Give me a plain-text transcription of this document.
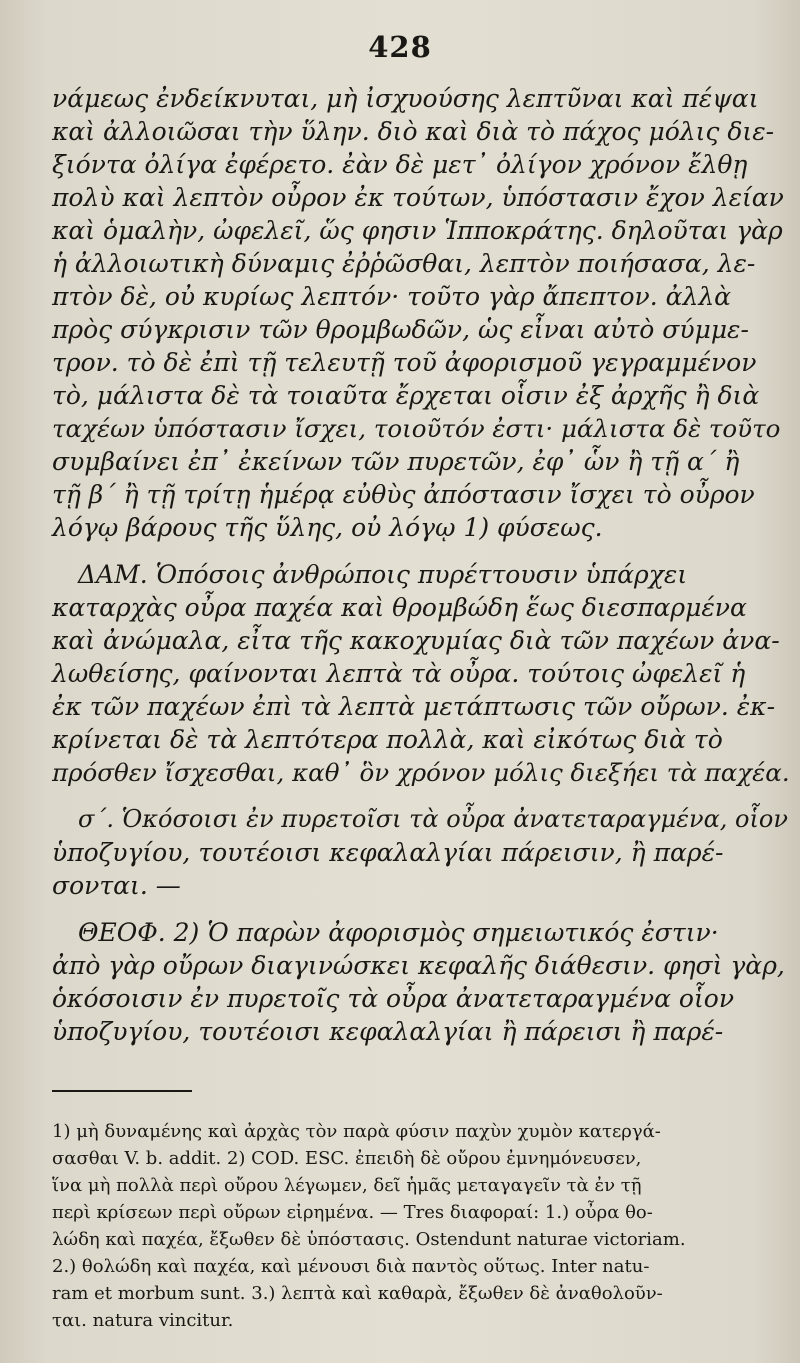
428
νάμεως ἐνδείκνυται, μὴ ἰσχυούσης λεπτῦναι καὶ πέψαι
καὶ ἀλλοιῶσαι τὴν ὕλην. διὸ καὶ διὰ τὸ πάχος μόλις διε-
ξιόντα ὀλίγα ἐφέρετο. ἐὰν δὲ μετ᾽ ὀλίγον χρόνον ἔλθῃ
πολὺ καὶ λεπτὸν οὖρον ἐκ τούτων, ὑπόστασιν ἔχον λείαν
καὶ ὁμαλὴν, ὠφελεῖ, ὥς φησιν Ἱπποκράτης. δηλοῦται γὰρ
ἡ ἀλλοιωτικὴ δύναμις ἐῤῥῶσθαι, λεπτὸν ποιήσασα, λε-
πτὸν δὲ, οὐ κυρίως λεπτόν· τοῦτο γὰρ ἄπεπτον. ἀλλὰ
πρὸς σύγκρισιν τῶν θρομβωδῶν, ὡς εἶναι αὐτὸ σύμμε-
τρον. τὸ δὲ ἐπὶ τῇ τελευτῇ τοῦ ἀφορισμοῦ γεγραμμένον
τὸ, μάλιστα δὲ τὰ τοιαῦτα ἔρχεται οἷσιν ἐξ ἀρχῆς ἢ διὰ
ταχέων ὑπόστασιν ἴσχει, τοιοῦτόν ἐστι· μάλιστα δὲ τοῦτο
συμβαίνει ἐπ᾽ ἐκείνων τῶν πυρετῶν, ἐφ᾽ ὧν ἢ τῇ α´ ἢ
τῇ β´ ἢ τῇ τρίτῃ ἡμέρᾳ εὐθὺς ἀπόστασιν ἴσχει τὸ οὖρον
λόγῳ βάρους τῆς ὕλης, οὐ λόγῳ 1) φύσεως.
ΔΑΜ. Ὁπόσοις ἀνθρώποις πυρέττουσιν ὑπάρχει
καταρχὰς οὖρα παχέα καὶ θρομβώδη ἕως διεσπαρμένα
καὶ ἀνώμαλα, εἶτα τῆς κακοχυμίας διὰ τῶν παχέων ἀνα-
λωθείσης, φαίνονται λεπτὰ τὰ οὖρα. τούτοις ὠφελεῖ ἡ
ἐκ τῶν παχέων ἐπὶ τὰ λεπτὰ μετάπτωσις τῶν οὔρων. ἐκ-
κρίνεται δὲ τὰ λεπτότερα πολλὰ, καὶ εἰκότως διὰ τὸ
πρόσθεν ἴσχεσθαι, καθ᾽ ὃν χρόνον μόλις διεξήει τὰ παχέα.
σ´. Ὁκόσοισι ἐν πυρετοῖσι τὰ οὖρα ἀνατεταραγμένα, οἷον
ὑποζυγίου, τουτέοισι κεφαλαλγίαι πάρεισιν, ἢ παρέ-
σονται. —
ΘΕΟΦ. 2) Ὁ παρὼν ἀφορισμὸς σημειωτικός ἐστιν·
ἀπὸ γὰρ οὔρων διαγινώσκει κεφαλῆς διάθεσιν. φησὶ γὰρ,
ὁκόσοισιν ἐν πυρετοῖς τὰ οὖρα ἀνατεταραγμένα οἷον
ὑποζυγίου, τουτέοισι κεφαλαλγίαι ἢ πάρεισι ἢ παρέ-
1) μὴ δυναμένης καὶ ἀρχὰς τὸν παρὰ φύσιν παχὺν χυμὸν κατεργά-
σασθαι V. b. addit. 2) COD. ESC. ἐπειδὴ δὲ οὔρου ἐμνημόνευσεν,
ἵνα μὴ πολλὰ περὶ οὔρου λέγωμεν, δεῖ ἡμᾶς μεταγαγεῖν τὰ ἐν τῇ
περὶ κρίσεων περὶ οὔρων εἰρημένα. — Tres διαφοραί: 1.) οὖρα θο-
λώδη καὶ παχέα, ἔξωθεν δὲ ὑπόστασις. Ostendunt naturae victoriam.
2.) θολώδη καὶ παχέα, καὶ μένουσι διὰ παντὸς οὕτως. Inter natu-
ram et morbum sunt. 3.) λεπτὰ καὶ καθαρὰ, ἔξωθεν δὲ ἀναθολοῦν-
ται. natura vincitur.
